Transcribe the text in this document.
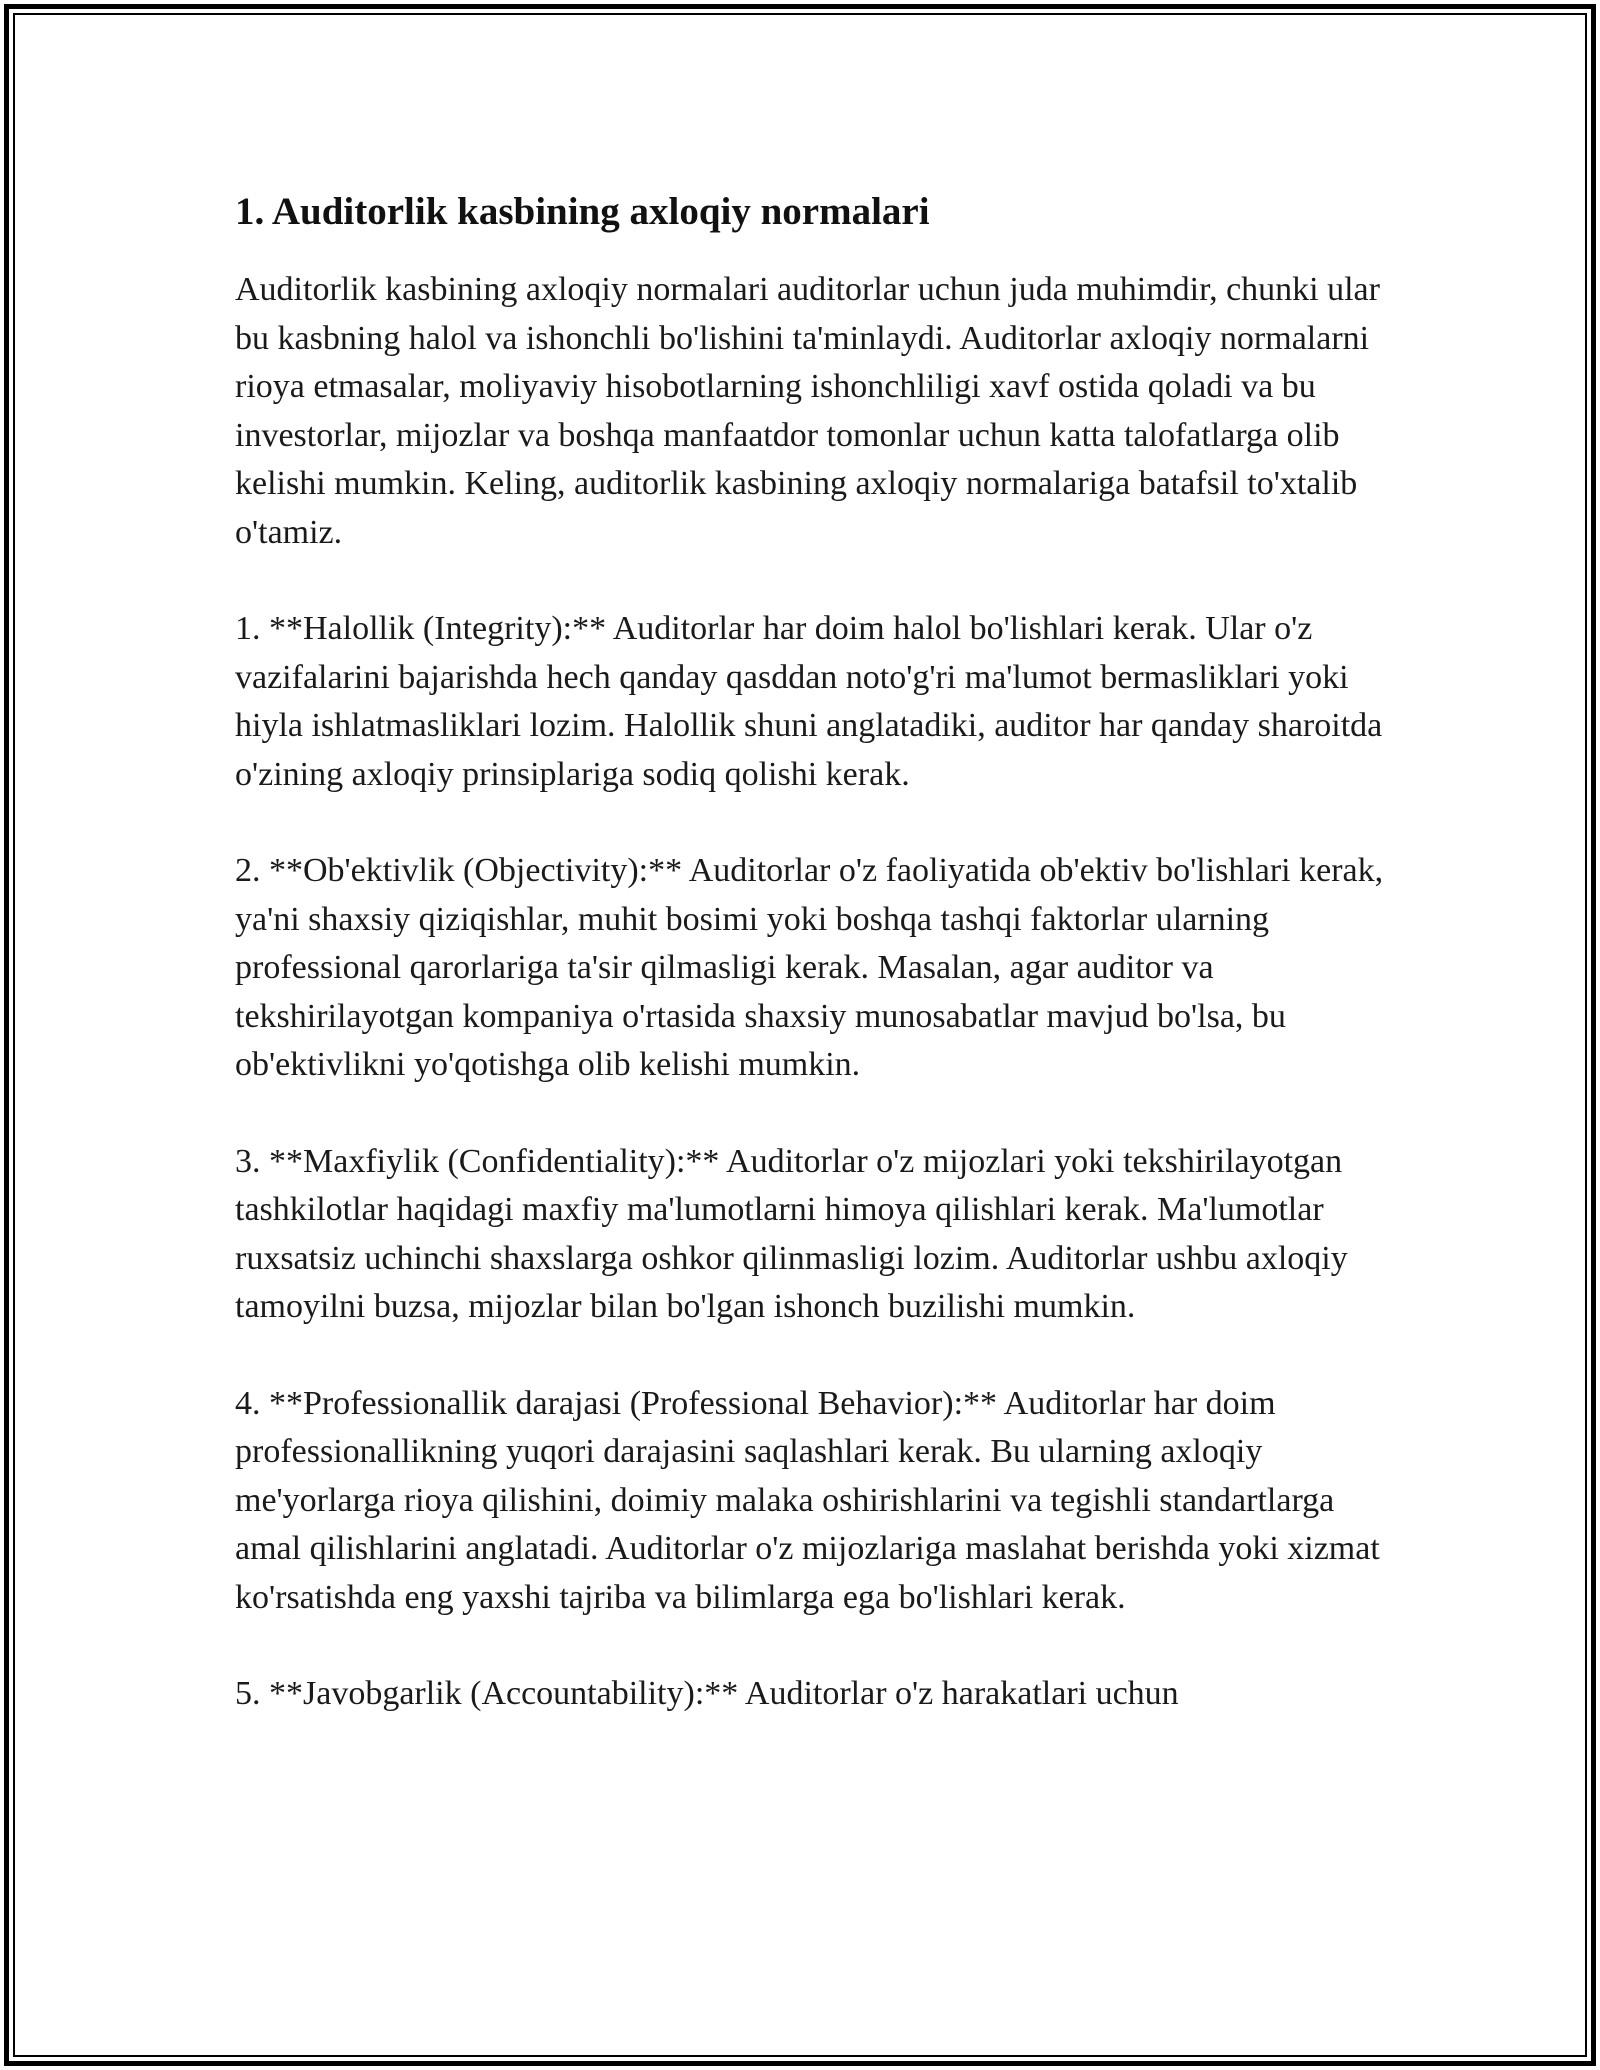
1. Auditorlik kasbining axloqiy normalari

Auditorlik kasbining axloqiy normalari auditorlar uchun juda muhimdir, chunki ular bu kasbning halol va ishonchli bo'lishini ta'minlaydi. Auditorlar axloqiy normalarni rioya etmasalar, moliyaviy hisobotlarning ishonchliligi xavf ostida qoladi va bu investorlar, mijozlar va boshqa manfaatdor tomonlar uchun katta talofatlarga olib kelishi mumkin. Keling, auditorlik kasbining axloqiy normalariga batafsil to'xtalib o'tamiz.

1. **Halollik (Integrity):** Auditorlar har doim halol bo'lishlari kerak. Ular o'z vazifalarini bajarishda hech qanday qasddan noto'g'ri ma'lumot bermasliklari yoki hiyla ishlatmasliklari lozim. Halollik shuni anglatadiki, auditor har qanday sharoitda o'zining axloqiy prinsiplariga sodiq qolishi kerak.

2. **Ob'ektivlik (Objectivity):** Auditorlar o'z faoliyatida ob'ektiv bo'lishlari kerak, ya'ni shaxsiy qiziqishlar, muhit bosimi yoki boshqa tashqi faktorlar ularning professional qarorlariga ta'sir qilmasligi kerak. Masalan, agar auditor va tekshirilayotgan kompaniya o'rtasida shaxsiy munosabatlar mavjud bo'lsa, bu ob'ektivlikni yo'qotishga olib kelishi mumkin.

3. **Maxfiylik (Confidentiality):** Auditorlar o'z mijozlari yoki tekshirilayotgan tashkilotlar haqidagi maxfiy ma'lumotlarni himoya qilishlari kerak. Ma'lumotlar ruxsatsiz uchinchi shaxslarga oshkor qilinmasligi lozim. Auditorlar ushbu axloqiy tamoyilni buzsa, mijozlar bilan bo'lgan ishonch buzilishi mumkin.

4. **Professionallik darajasi (Professional Behavior):** Auditorlar har doim professionallikning yuqori darajasini saqlashlari kerak. Bu ularning axloqiy me'yorlarga rioya qilishini, doimiy malaka oshirishlarini va tegishli standartlarga amal qilishlarini anglatadi. Auditorlar o'z mijozlariga maslahat berishda yoki xizmat ko'rsatishda eng yaxshi tajriba va bilimlarga ega bo'lishlari kerak.

5. **Javobgarlik (Accountability):** Auditorlar o'z harakatlari uchun
